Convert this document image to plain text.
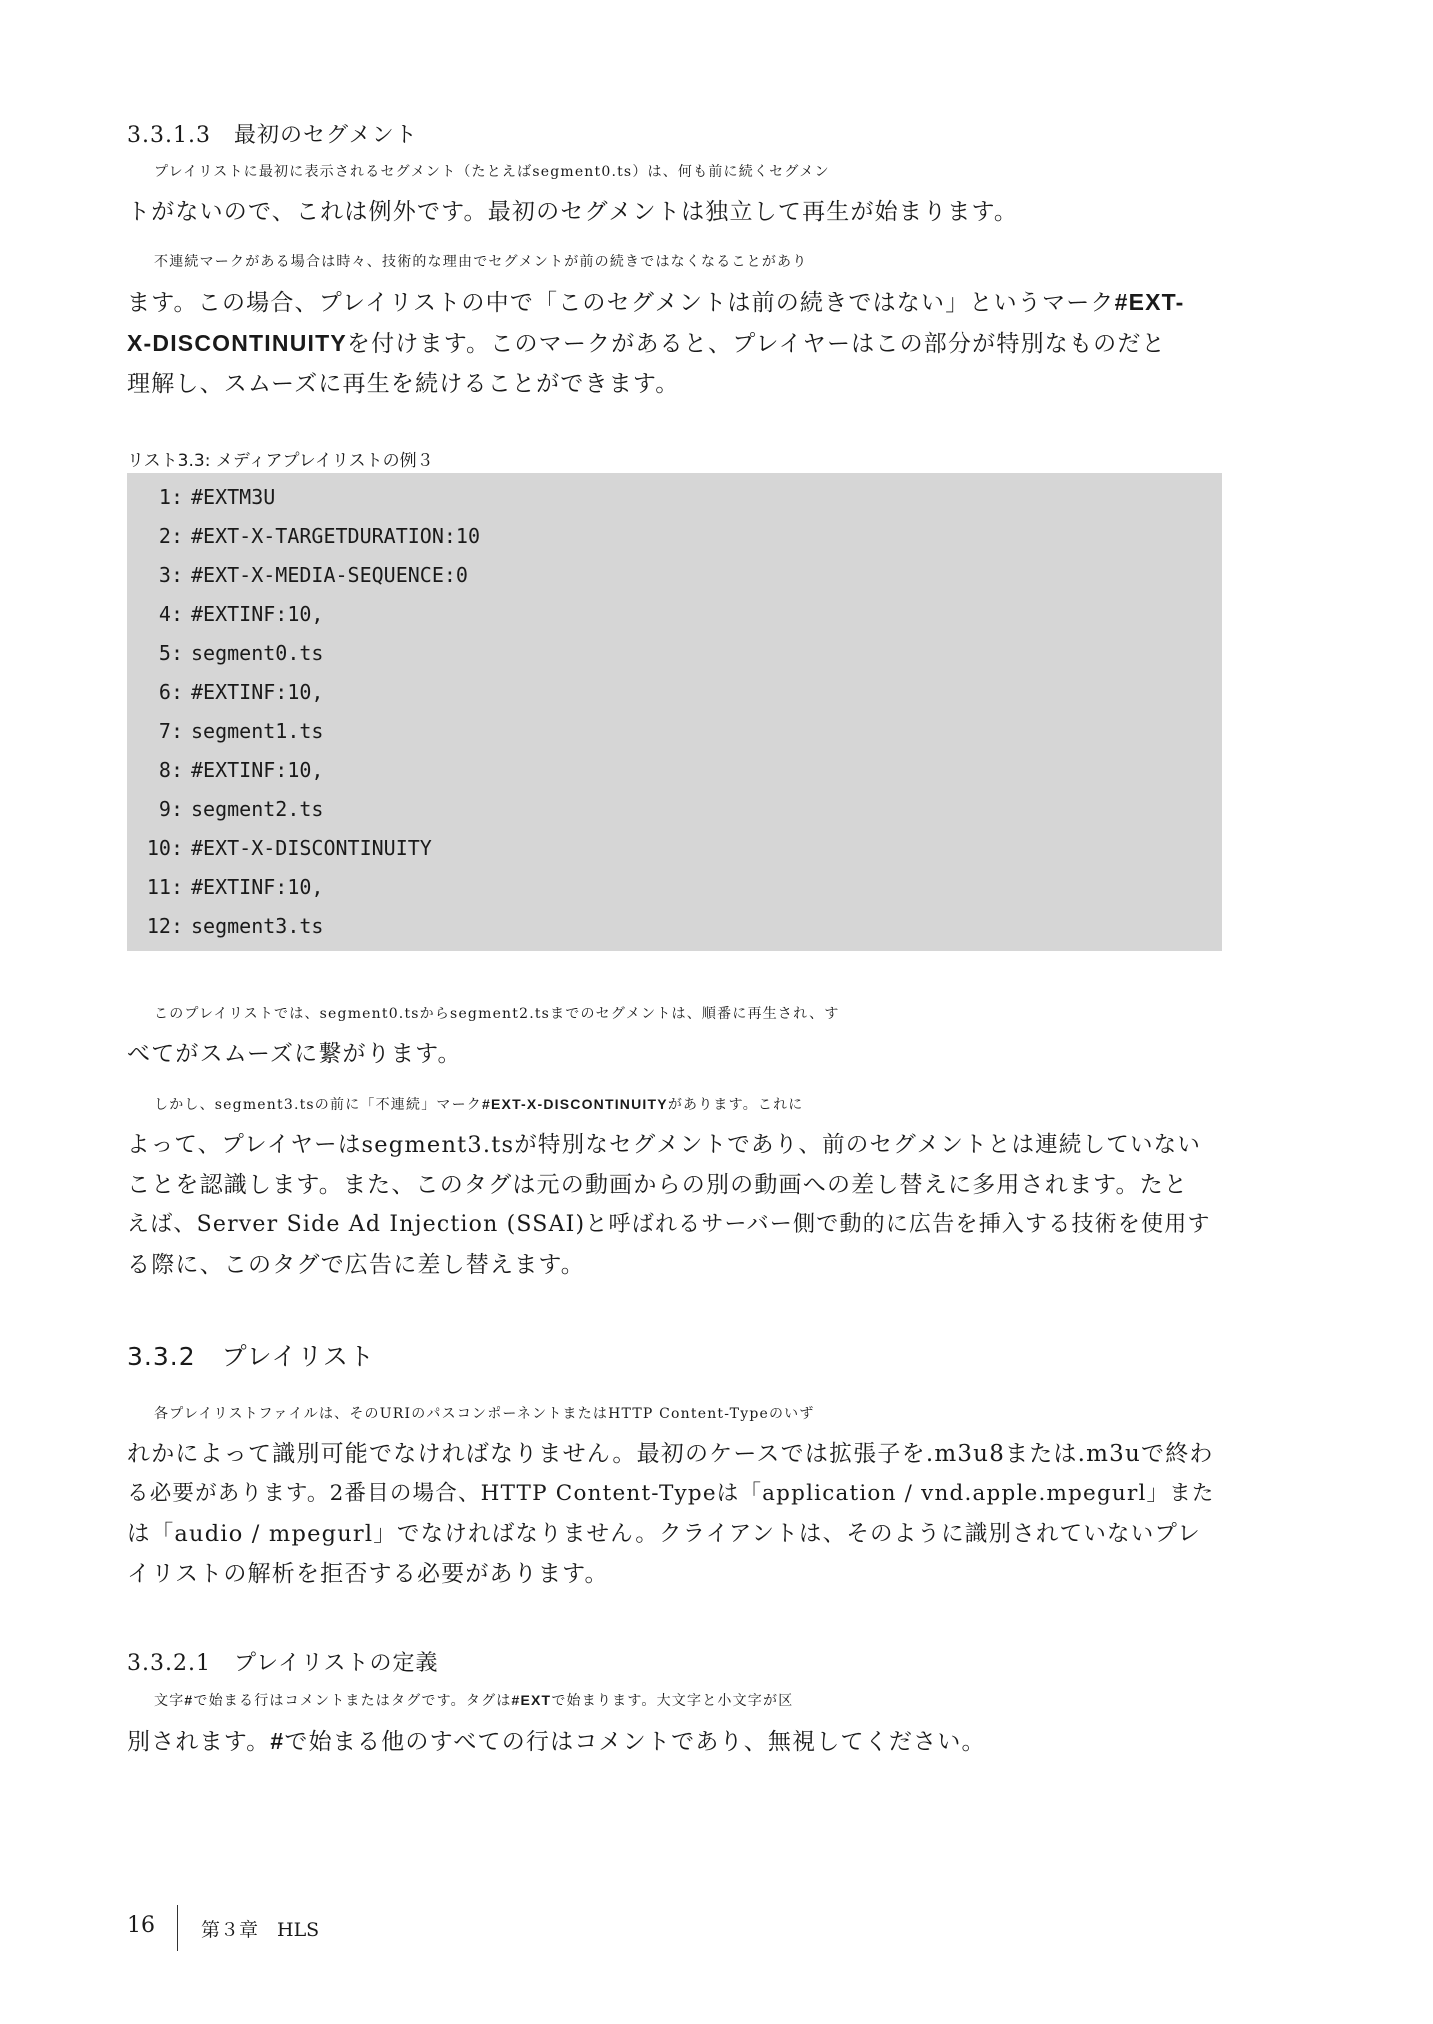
3.3.1.3　最初のセグメント
プレイリストに最初に表示されるセグメント（たとえばsegment0.ts）は、何も前に続くセグメン
トがないので、これは例外です。最初のセグメントは独立して再生が始まります。
不連続マークがある場合は時々、技術的な理由でセグメントが前の続きではなくなることがあり
ます。この場合、プレイリストの中で「このセグメントは前の続きではない」というマーク#EXT-
X-DISCONTINUITYを付けます。このマークがあると、プレイヤーはこの部分が特別なものだと
理解し、スムーズに再生を続けることができます。
リスト3.3: メディアプレイリストの例３
1: #EXTM3U
2: #EXT-X-TARGETDURATION:10
3: #EXT-X-MEDIA-SEQUENCE:0
4: #EXTINF:10,
5: segment0.ts
6: #EXTINF:10,
7: segment1.ts
8: #EXTINF:10,
9: segment2.ts
10: #EXT-X-DISCONTINUITY
11: #EXTINF:10,
12: segment3.ts
このプレイリストでは、segment0.tsからsegment2.tsまでのセグメントは、順番に再生され、す
べてがスムーズに繋がります。
しかし、segment3.tsの前に「不連続」マーク#EXT-X-DISCONTINUITYがあります。これに
よって、プレイヤーはsegment3.tsが特別なセグメントであり、前のセグメントとは連続していない
ことを認識します。また、このタグは元の動画からの別の動画への差し替えに多用されます。たと
えば、Server Side Ad Injection (SSAI)と呼ばれるサーバー側で動的に広告を挿入する技術を使用す
る際に、このタグで広告に差し替えます。
3.3.2　プレイリスト
各プレイリストファイルは、そのURIのパスコンポーネントまたはHTTP Content-Typeのいず
れかによって識別可能でなければなりません。最初のケースでは拡張子を.m3u8または.m3uで終わ
る必要があります。2番目の場合、HTTP Content-Typeは「application / vnd.apple.mpegurl」また
は「audio / mpegurl」でなければなりません。クライアントは、そのように識別されていないプレ
イリストの解析を拒否する必要があります。
3.3.2.1　プレイリストの定義
文字#で始まる行はコメントまたはタグです。タグは#EXTで始まります。大文字と小文字が区
別されます。#で始まる他のすべての行はコメントであり、無視してください。
16 第３章　HLS
